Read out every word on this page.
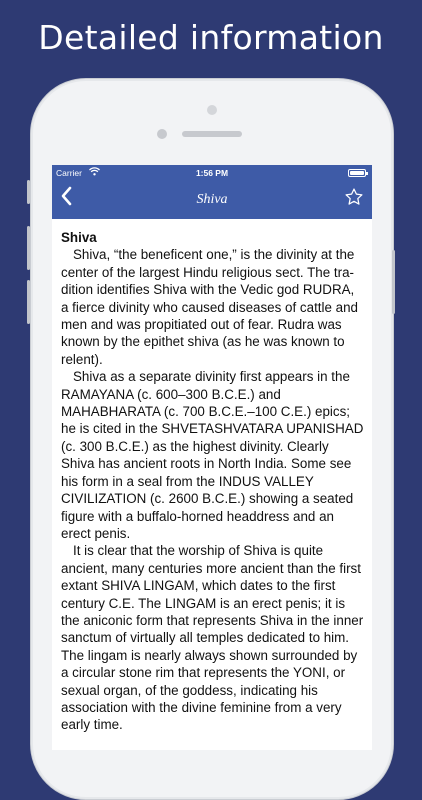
Detailed information
Carrier	1:56 PM
Shiva
Shiva

Shiva, “the beneficent one,” is the divinity at the center of the largest Hindu religious sect. The tra-dition identifies Shiva with the Vedic god RUDRA, a fierce divinity who caused diseases of cattle and men and was propitiated out of fear. Rudra was known by the epithet shiva (as he was known to relent).

Shiva as a separate divinity first appears in the RAMAYANA (c. 600–300 B.C.E.) and MAHABHARATA (c. 700 B.C.E.–100 C.E.) epics; he is cited in the SHVETASHVATARA UPANISHAD (c. 300 B.C.E.) as the highest divinity. Clearly Shiva has ancient roots in North India. Some see his form in a seal from the INDUS VALLEY CIVILIZATION (c. 2600 B.C.E.) showing a seated figure with a buffalo-horned headdress and an erect penis.

It is clear that the worship of Shiva is quite ancient, many centuries more ancient than the first extant SHIVA LINGAM, which dates to the first century C.E. The LINGAM is an erect penis; it is the aniconic form that represents Shiva in the inner sanctum of virtually all temples dedicated to him. The lingam is nearly always shown surrounded by a circular stone rim that represents the YONI, or sexual organ, of the goddess, indicating his association with the divine feminine from a very early time.
